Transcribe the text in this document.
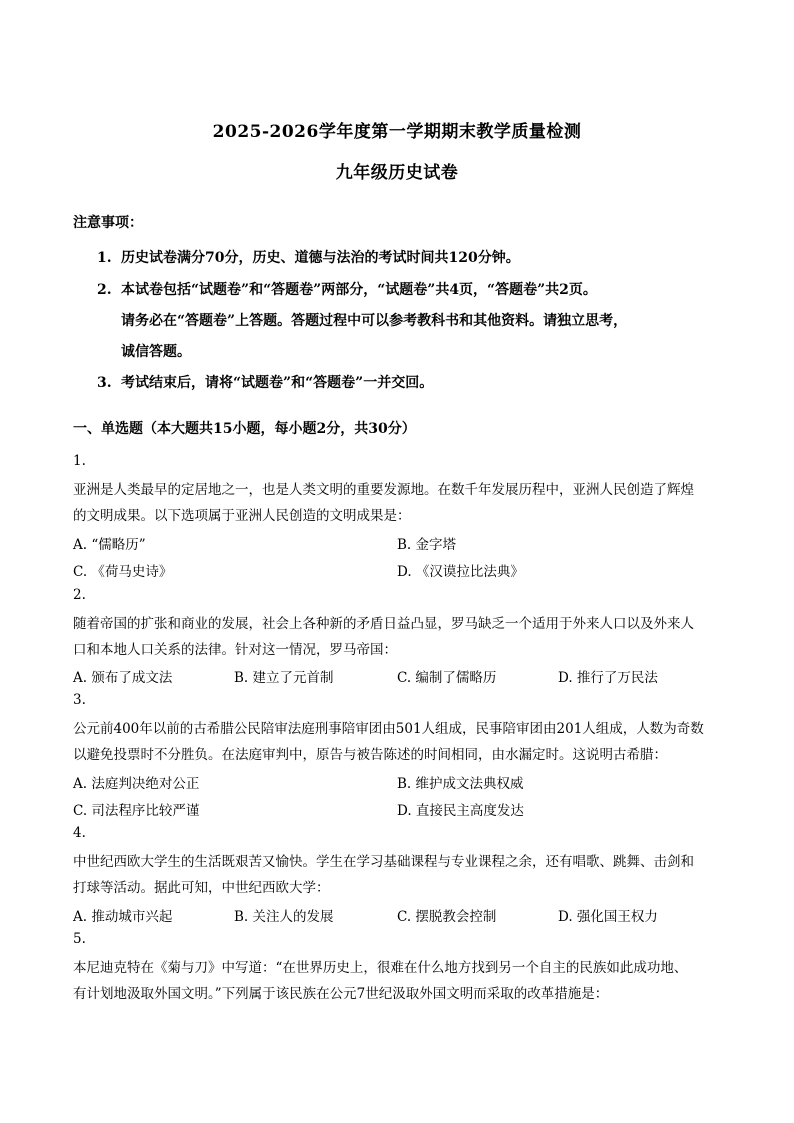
2025-2026学年度第一学期期末教学质量检测
九年级历史试卷
注意事项：
1. 历史试卷满分70分，历史、道德与法治的考试时间共120分钟。
2. 本试卷包括“试题卷”和“答题卷”两部分，“试题卷”共4页，“答题卷”共2页。
请务必在“答题卷”上答题。答题过程中可以参考教科书和其他资料。请独立思考，
诚信答题。
3. 考试结束后，请将“试题卷”和“答题卷”一并交回。
一、单选题（本大题共15小题，每小题2分，共30分）
1.
亚洲是人类最早的定居地之一，也是人类文明的重要发源地。在数千年发展历程中，亚洲人民创造了辉煌
的文明成果。以下选项属于亚洲人民创造的文明成果是：
A. “儒略历”	B. 金字塔
C. 《荷马史诗》	D. 《汉谟拉比法典》
2.
随着帝国的扩张和商业的发展，社会上各种新的矛盾日益凸显，罗马缺乏一个适用于外来人口以及外来人
口和本地人口关系的法律。针对这一情况，罗马帝国：
A. 颁布了成文法	B. 建立了元首制	C. 编制了儒略历	D. 推行了万民法
3.
公元前400年以前的古希腊公民陪审法庭刑事陪审团由501人组成，民事陪审团由201人组成，人数为奇数
以避免投票时不分胜负。在法庭审判中，原告与被告陈述的时间相同，由水漏定时。这说明古希腊：
A. 法庭判决绝对公正	B. 维护成文法典权威
C. 司法程序比较严谨	D. 直接民主高度发达
4.
中世纪西欧大学生的生活既艰苦又愉快。学生在学习基础课程与专业课程之余，还有唱歌、跳舞、击剑和
打球等活动。据此可知，中世纪西欧大学：
A. 推动城市兴起	B. 关注人的发展	C. 摆脱教会控制	D. 强化国王权力
5.
本尼迪克特在《菊与刀》中写道：“在世界历史上，很难在什么地方找到另一个自主的民族如此成功地、
有计划地汲取外国文明。”下列属于该民族在公元7世纪汲取外国文明而采取的改革措施是：
